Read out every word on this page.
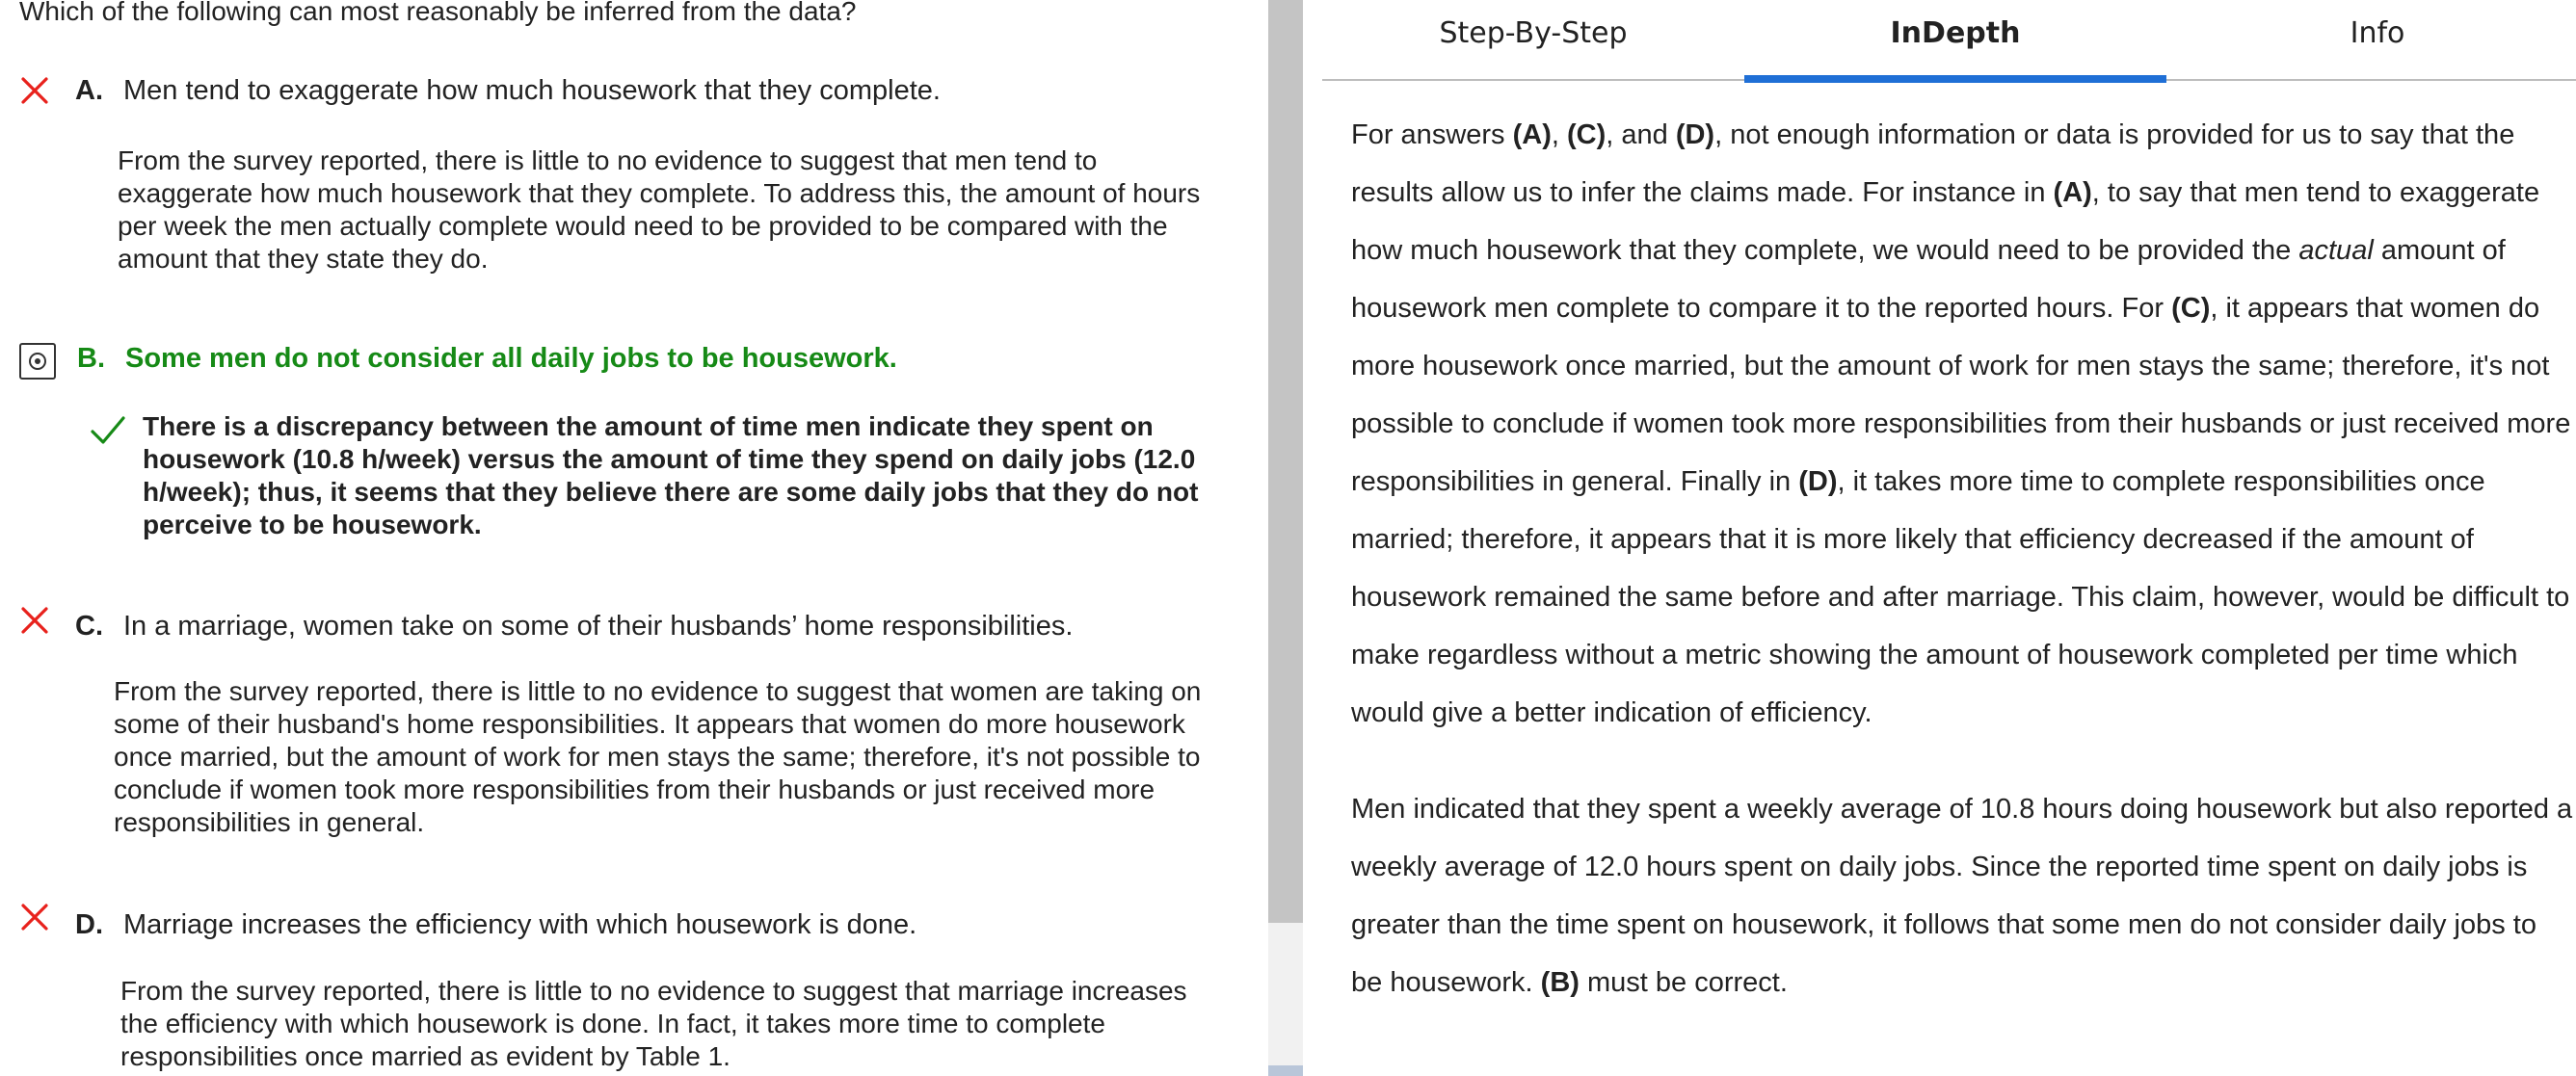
Which of the following can most reasonably be inferred from the data?
A. Men tend to exaggerate how much housework that they complete.

From the survey reported, there is little to no evidence to suggest that men tend to exaggerate how much housework that they complete. To address this, the amount of hours per week the men actually complete would need to be provided to be compared with the amount that they state they do.

B. Some men do not consider all daily jobs to be housework.

There is a discrepancy between the amount of time men indicate they spent on housework (10.8 h/week) versus the amount of time they spend on daily jobs (12.0 h/week); thus, it seems that they believe there are some daily jobs that they do not perceive to be housework.

C. In a marriage, women take on some of their husbands’ home responsibilities.

From the survey reported, there is little to no evidence to suggest that women are taking on some of their husband's home responsibilities. It appears that women do more housework once married, but the amount of work for men stays the same; therefore, it's not possible to conclude if women took more responsibilities from their husbands or just received more responsibilities in general.

D. Marriage increases the efficiency with which housework is done.

From the survey reported, there is little to no evidence to suggest that marriage increases the efficiency with which housework is done. In fact, it takes more time to complete responsibilities once married as evident by Table 1.

Step-By-Step	InDepth	Info

For answers (A), (C), and (D), not enough information or data is provided for us to say that the results allow us to infer the claims made. For instance in (A), to say that men tend to exaggerate how much housework that they complete, we would need to be provided the actual amount of housework men complete to compare it to the reported hours. For (C), it appears that women do more housework once married, but the amount of work for men stays the same; therefore, it's not possible to conclude if women took more responsibilities from their husbands or just received more responsibilities in general. Finally in (D), it takes more time to complete responsibilities once married; therefore, it appears that it is more likely that efficiency decreased if the amount of housework remained the same before and after marriage. This claim, however, would be difficult to make regardless without a metric showing the amount of housework completed per time which would give a better indication of efficiency.

Men indicated that they spent a weekly average of 10.8 hours doing housework but also reported a weekly average of 12.0 hours spent on daily jobs. Since the reported time spent on daily jobs is greater than the time spent on housework, it follows that some men do not consider daily jobs to be housework. (B) must be correct.
